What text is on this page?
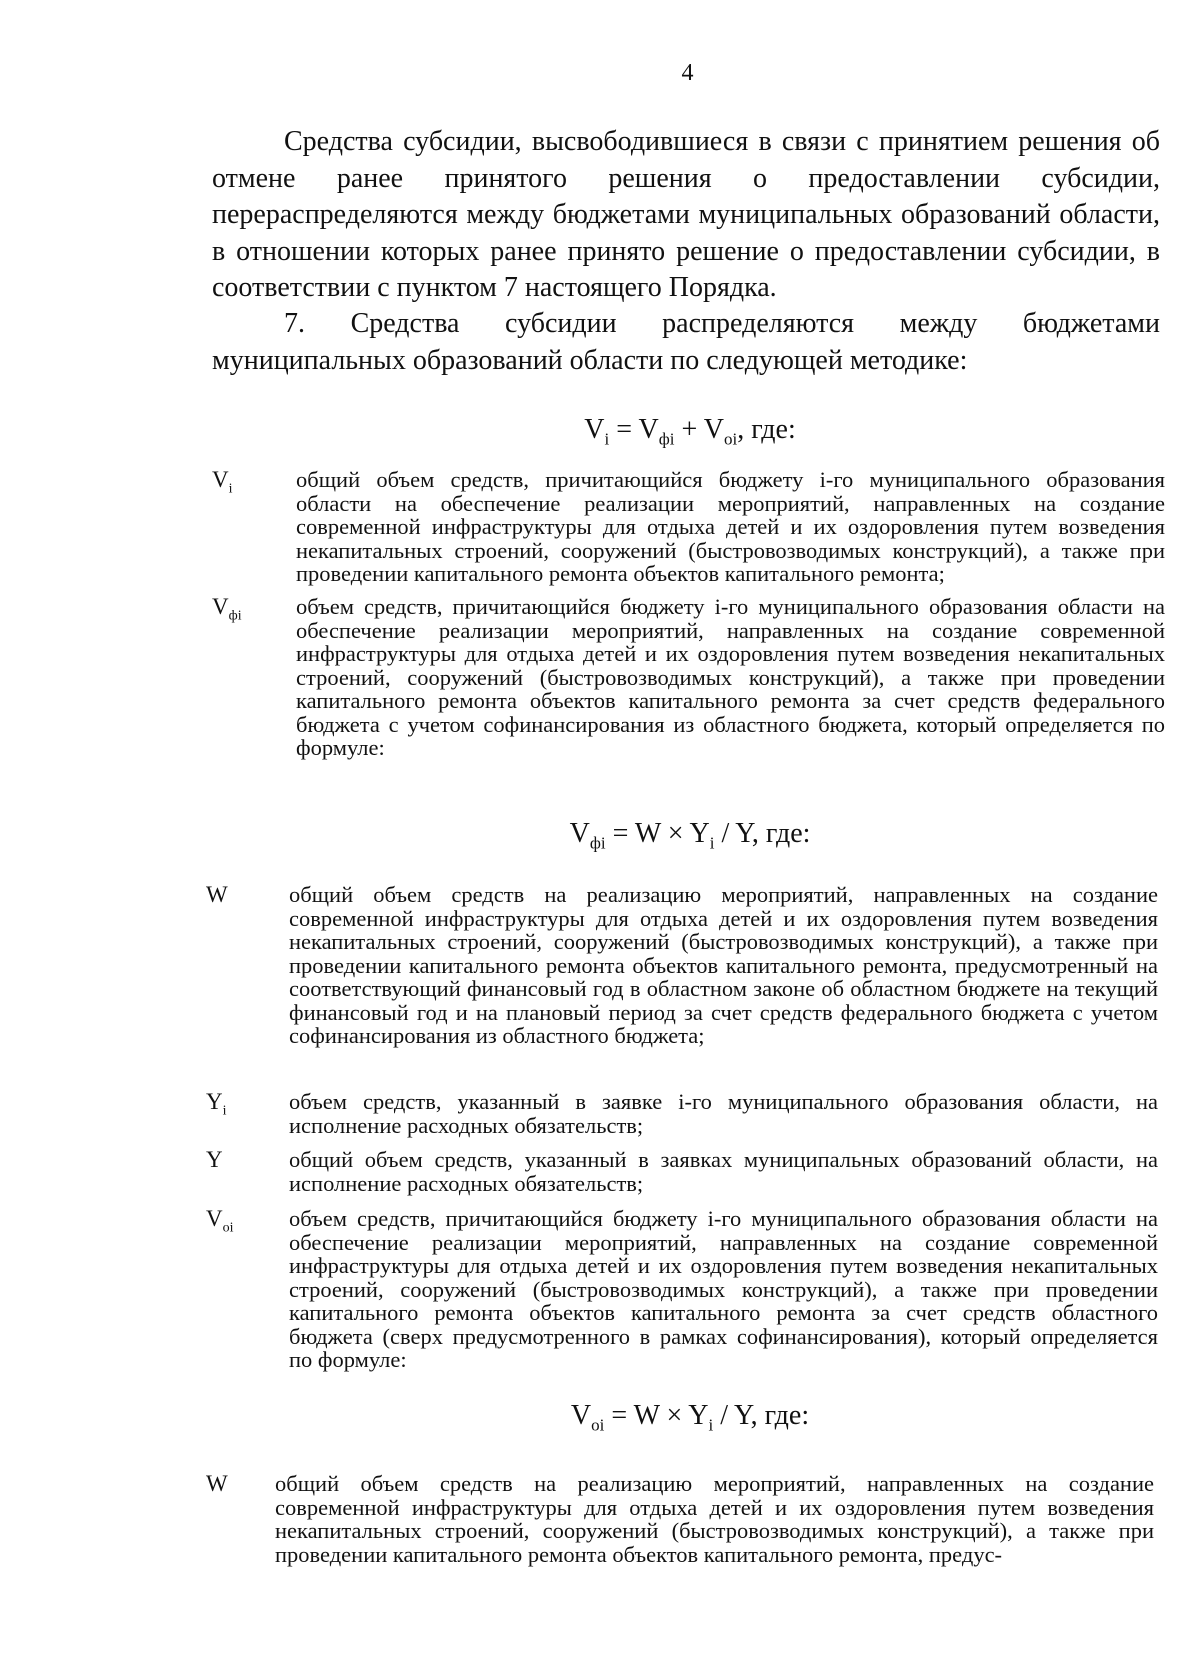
4

Средства субсидии, высвободившиеся в связи с принятием решения об отмене ранее принятого решения о предоставлении субсидии, перераспределяются между бюджетами муниципальных образований области, в отношении которых ранее принято решение о предоставлении субсидии, в соответствии с пунктом 7 настоящего Порядка.

7. Средства субсидии распределяются между бюджетами муниципальных образований области по следующей методике:

$V_i = V_{фi} + V_{oi}$, где:
$V_i$	общий объем средств, причитающийся бюджету i-го муниципального образования области на обеспечение реализации мероприятий, направленных на создание современной инфраструктуры для отдыха детей и их оздоровления путем возведения некапитальных строений, сооружений (быстровозводимых конструкций), а также при проведении капитального ремонта объектов капитального ремонта;
$V_{фi}$ объем средств, причитающийся бюджету i-го муниципального образования области на обеспечение реализации мероприятий, направленных на создание современной инфраструктуры для отдыха детей и их оздоровления путем возведения некапитальных строений, сооружений (быстровозводимых конструкций), а также при проведении капитального ремонта объектов капитального ремонта за счет средств федерального бюджета с учетом софинансирования из областного бюджета, который определяется по формуле:
$V_{фi} = W \times Y_i / Y$, где:
W	общий объем средств на реализацию мероприятий, направленных на создание современной инфраструктуры для отдыха детей и их оздоровления путем возведения некапитальных строений, сооружений (быстровозводимых конструкций), а также при проведении капитального ремонта объектов капитального ремонта, предусмотренный на соответствующий финансовый год в областном законе об областном бюджете на текущий финансовый год и на плановый период за счет средств федерального бюджета с учетом софинансирования из областного бюджета;
$Y_i$	объем средств, указанный в заявке i-го муниципального образования области, на исполнение расходных обязательств;
Y	общий объем средств, указанный в заявках муниципальных образований области, на исполнение расходных обязательств;
$V_{oi}$ объем средств, причитающийся бюджету i-го муниципального образования области на обеспечение реализации мероприятий, направленных на создание современной инфраструктуры для отдыха детей и их оздоровления путем возведения некапитальных строений, сооружений (быстровозводимых конструкций), а также при проведении капитального ремонта объектов капитального ремонта за счет средств областного бюджета (сверх предусмотренного в рамках софинансирования), который определяется по формуле:
$V_{oi} = W \times Y_i / Y$, где:
W общий объем средств на реализацию мероприятий, направленных на создание современной инфраструктуры для отдыха детей и их оздоровления путем возведения некапитальных строений, сооружений (быстровозводимых конструкций), а также при проведении капитального ремонта объектов капитального ремонта, предус-
